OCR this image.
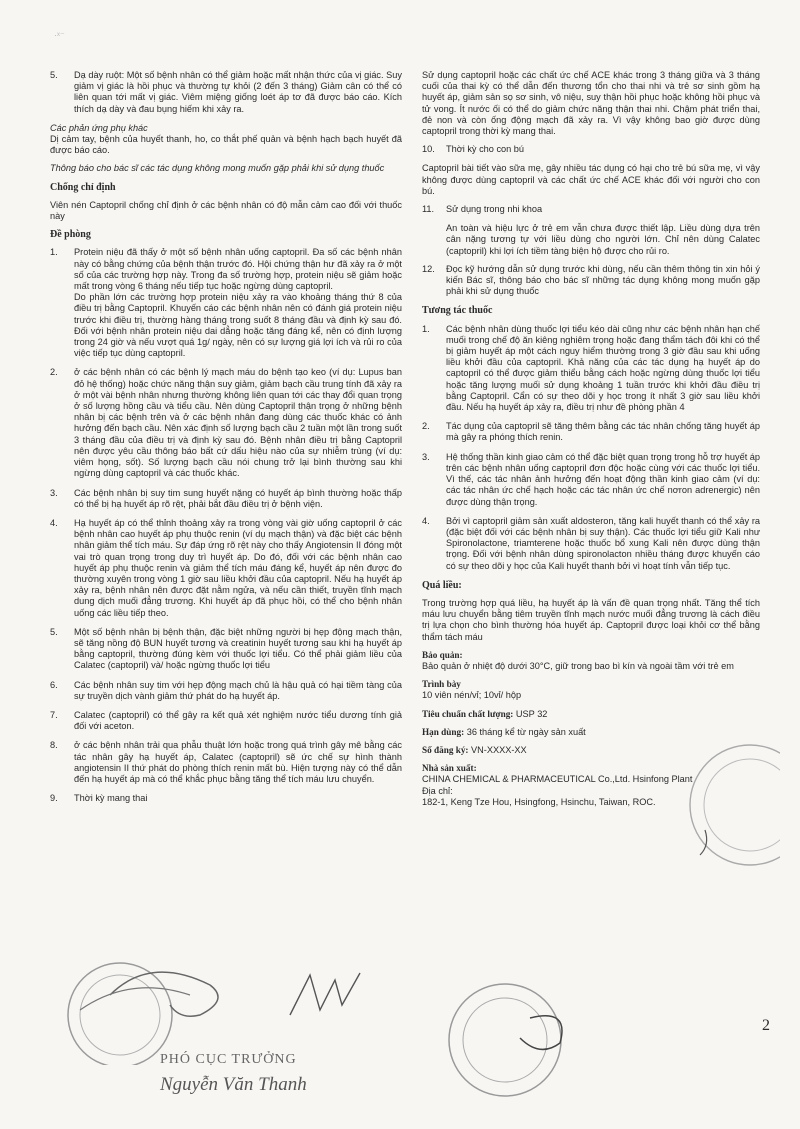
·ˣ⁻
5.	Dạ dày ruột: Một số bệnh nhân có thể giảm hoặc mất nhận thức của vị giác. Suy giảm vị giác là hồi phục và thường tự khỏi (2 đến 3 tháng) Giảm cân có thể có liên quan tới mất vị giác. Viêm miệng giống loét áp tơ đã được báo cáo. Kích thích dạ dày và đau bụng hiếm khi xảy ra.
Các phản ứng phụ khác
Dị cảm tay, bệnh của huyết thanh, ho, co thắt phế quản và bệnh hạch bạch huyết đã được báo cáo.
Thông báo cho bác sĩ các tác dụng không mong muốn gặp phải khi sử dụng thuốc
Chống chỉ định
Viên nén Captopril chống chỉ định ở các bệnh nhân có độ mẫn cảm cao đối với thuốc này
Đề phòng
1.	Protein niệu đã thấy ở một số bệnh nhân uống captopril. Đa số các bệnh nhân này có bằng chứng của bệnh thận trước đó. Hội chứng thận hư đã xảy ra ở một số của các trường hợp này. Trong đa số trường hợp, protein niệu sẽ giảm hoặc mất trong vòng 6 tháng nếu tiếp tục hoặc ngừng dùng captopril.

Do phần lớn các trường hợp protein niệu xảy ra vào khoảng tháng thứ 8 của điều trị bằng Captopril. Khuyến cáo các bệnh nhân nên có đánh giá protein niệu trước khi điều trị, thường hàng tháng trong suốt 8 tháng đầu và định kỳ sau đó. Đối với bệnh nhân protein niệu dai dẳng hoặc tăng đáng kể, nên có định lượng trong 24 giờ và nếu vượt quá 1g/ ngày, nên có sự lượng giá lợi ích và rủi ro của việc tiếp tục dùng captopril.

2.	ở các bệnh nhân có các bệnh lý mạch máu do bệnh tạo keo (ví dụ: Lupus ban đỏ hệ thống) hoặc chức năng thận suy giảm, giảm bạch cầu trung tính đã xảy ra ở một vài bệnh nhân nhưng thường không liên quan tới các thay đổi quan trọng ở số lượng hồng cầu và tiểu cầu. Nên dùng Captopril thận trọng ở những bệnh nhân bị các bệnh trên và ở các bệnh nhân đang dùng các thuốc khác có ảnh hưởng đến bạch cầu. Nên xác định số lượng bạch cầu 2 tuần một lần trong suốt 3 tháng đầu của điều trị và định kỳ sau đó. Bệnh nhân điều trị bằng Captopril nên được yêu cầu thông báo bất cứ dấu hiệu nào của sự nhiễm trùng (ví dụ: viêm họng, sốt). Số lượng bạch cầu nói chung trở lại bình thường sau khi ngừng dùng captopril và các thuốc khác.

3.	Các bệnh nhân bị suy tim sung huyết nặng có huyết áp bình thường hoặc thấp có thể bị hạ huyết áp rõ rệt, phải bắt đầu điều trị ở bệnh viện.

4.	Hạ huyết áp có thể thỉnh thoảng xảy ra trong vòng vài giờ uống captopril ở các bệnh nhân cao huyết áp phụ thuộc renin (ví dụ mạch thận) và đặc biệt các bệnh nhân giảm thể tích máu. Sự đáp ứng rõ rệt này cho thấy Angiotensin II đóng một vai trò quan trọng trong duy trì huyết áp. Do đó, đối với các bệnh nhân cao huyết áp phụ thuộc renin và giảm thể tích máu đáng kể, huyết áp nên được đo thường xuyên trong vòng 1 giờ sau liều khởi đầu của captopril. Nếu hạ huyết áp xảy ra, bệnh nhân nên được đặt nằm ngửa, và nếu cần thiết, truyền tĩnh mạch dung dịch muối đẳng trương. Khi huyết áp đã phục hồi, có thể cho bệnh nhân uống các liều tiếp theo.

5.	Một số bệnh nhân bị bệnh thận, đặc biệt những người bị hẹp động mạch thận, sẽ tăng nồng độ BUN huyết tương và creatinin huyết tương sau khi hạ huyết áp bằng captopril, thường đúng kèm với thuốc lợi tiểu. Có thể phải giảm liều của Calatec (captopril) và/ hoặc ngừng thuốc lợi tiểu

6.	Các bệnh nhân suy tim với hẹp động mạch chủ là hậu quả có hại tiềm tàng của sự truyền dịch vành giảm thứ phát do hạ huyết áp.

7.	Calatec (captopril) có thể gây ra kết quả xét nghiệm nước tiểu dương tính giả đối với aceton.

8.	ở các bệnh nhân trải qua phẫu thuật lớn hoặc trong quá trình gây mê bằng các tác nhân gây hạ huyết áp, Calatec (captopril) sẽ ức chế sự hình thành angiotensin II thứ phát do phòng thích renin mất bù. Hiện tượng này có thể dẫn đến hạ huyết áp mà có thể khắc phục bằng tăng thể tích máu lưu chuyển.

9.	Thời kỳ mang thai

Sử dụng captopril hoặc các chất ức chế ACE khác trong 3 tháng giữa và 3 tháng cuối của thai kỳ có thể dẫn đến thương tổn cho thai nhi và trẻ sơ sinh gồm hạ huyết áp, giảm sản sọ sơ sinh, vô niệu, suy thận hồi phục hoặc không hồi phục và tử vong. Ít nước ối có thể do giảm chức năng thận thai nhi. Chậm phát triển thai, đẻ non và còn ống động mạch đã xảy ra. Vì vậy không bao giờ được dùng captopril trong thời kỳ mang thai.
10.	Thời kỳ cho con bú
Captopril bài tiết vào sữa mẹ, gây nhiều tác dụng có hại cho trẻ bú sữa mẹ, vì vậy không được dùng captopril và các chất ức chế ACE khác đối với người cho con bú.
11.	Sử dụng trong nhi khoa
An toàn và hiệu lực ở trẻ em vẫn chưa được thiết lập. Liều dùng dựa trên cân nặng tương tự với liều dùng cho người lớn. Chỉ nên dùng Calatec (captopril) khi lợi ích tiềm tàng biện hộ được cho rủi ro.
12.	Đọc kỹ hướng dẫn sử dụng trước khi dùng, nếu cần thêm thông tin xin hỏi ý kiến Bác sĩ, thông báo cho bác sĩ những tác dụng không mong muốn gặp phải khi sử dụng thuốc
Tương tác thuốc
1.	Các bệnh nhân dùng thuốc lợi tiểu kéo dài cũng như các bệnh nhân hạn chế muối trong chế độ ăn kiêng nghiêm trọng hoặc đang thẩm tách đôi khi có thể bị giảm huyết áp một cách nguy hiểm thường trong 3 giờ đầu sau khi uống liều khởi đầu của captopril. Khả năng của các tác dụng hạ huyết áp do captopril có thể được giảm thiểu bằng cách hoặc ngừng dùng thuốc lợi tiểu hoặc tăng lượng muối sử dụng khoảng 1 tuần trước khi khởi đầu điều trị bằng Captopril. Cẩn có sự theo dõi y học trong ít nhất 3 giờ sau liều khởi đầu. Nếu hạ huyết áp xảy ra, điều trị như đề phòng phần 4
2.	Tác dụng của captopril sẽ tăng thêm bằng các tác nhân chống tăng huyết áp mà gây ra phóng thích renin.
3.	Hệ thống thần kinh giao cảm có thể đặc biệt quan trọng trong hỗ trợ huyết áp trên các bệnh nhân uống captopril đơn độc hoặc cùng với các thuốc lợi tiểu. Vì thế, các tác nhân ảnh hưởng đến hoạt động thần kinh giao cảm (ví dụ: các tác nhân ức chế hạch hoặc các tác nhân ức chế nơron adrenergic) nên được dùng thận trọng.
4.	Bởi vì captopril giảm sản xuất aldosteron, tăng kali huyết thanh có thể xảy ra (đặc biệt đối với các bệnh nhân bị suy thận). Các thuốc lợi tiểu giữ Kali như Spironolactone, triamterene hoặc thuốc bổ xung Kali nên được dùng thận trọng. Đối với bệnh nhân dùng spironolacton nhiều tháng được khuyến cáo có sự theo dõi y học của Kali huyết thanh bởi vì hoạt tính vẫn tiếp tục.
Quá liều:
Trong trường hợp quá liều, hạ huyết áp là vấn đề quan trọng nhất. Tăng thể tích máu lưu chuyển bằng tiêm truyền tĩnh mạch nước muối đẳng trương là cách điều trị lựa chọn cho bình thường hóa huyết áp. Captopril được loại khỏi cơ thể bằng thẩm tách máu
Bảo quản:
Bảo quản ở nhiệt độ dưới 30°C, giữ trong bao bì kín và ngoài tầm với trẻ em
Trình bày
10 viên nén/vỉ; 10vỉ/ hộp
Tiêu chuẩn chất lượng: USP 32
Hạn dùng: 36 tháng kể từ ngày sản xuất
Số đăng ký: VN-XXXX-XX
Nhà sản xuất:
CHINA CHEMICAL & PHARMACEUTICAL Co.,Ltd. Hsinfong Plant
Địa chỉ:
182-1, Keng Tze Hou, Hsingfong, Hsinchu, Taiwan, ROC.
PHÓ CỤC TRƯỞNG
Nguyễn Văn Thanh
2
